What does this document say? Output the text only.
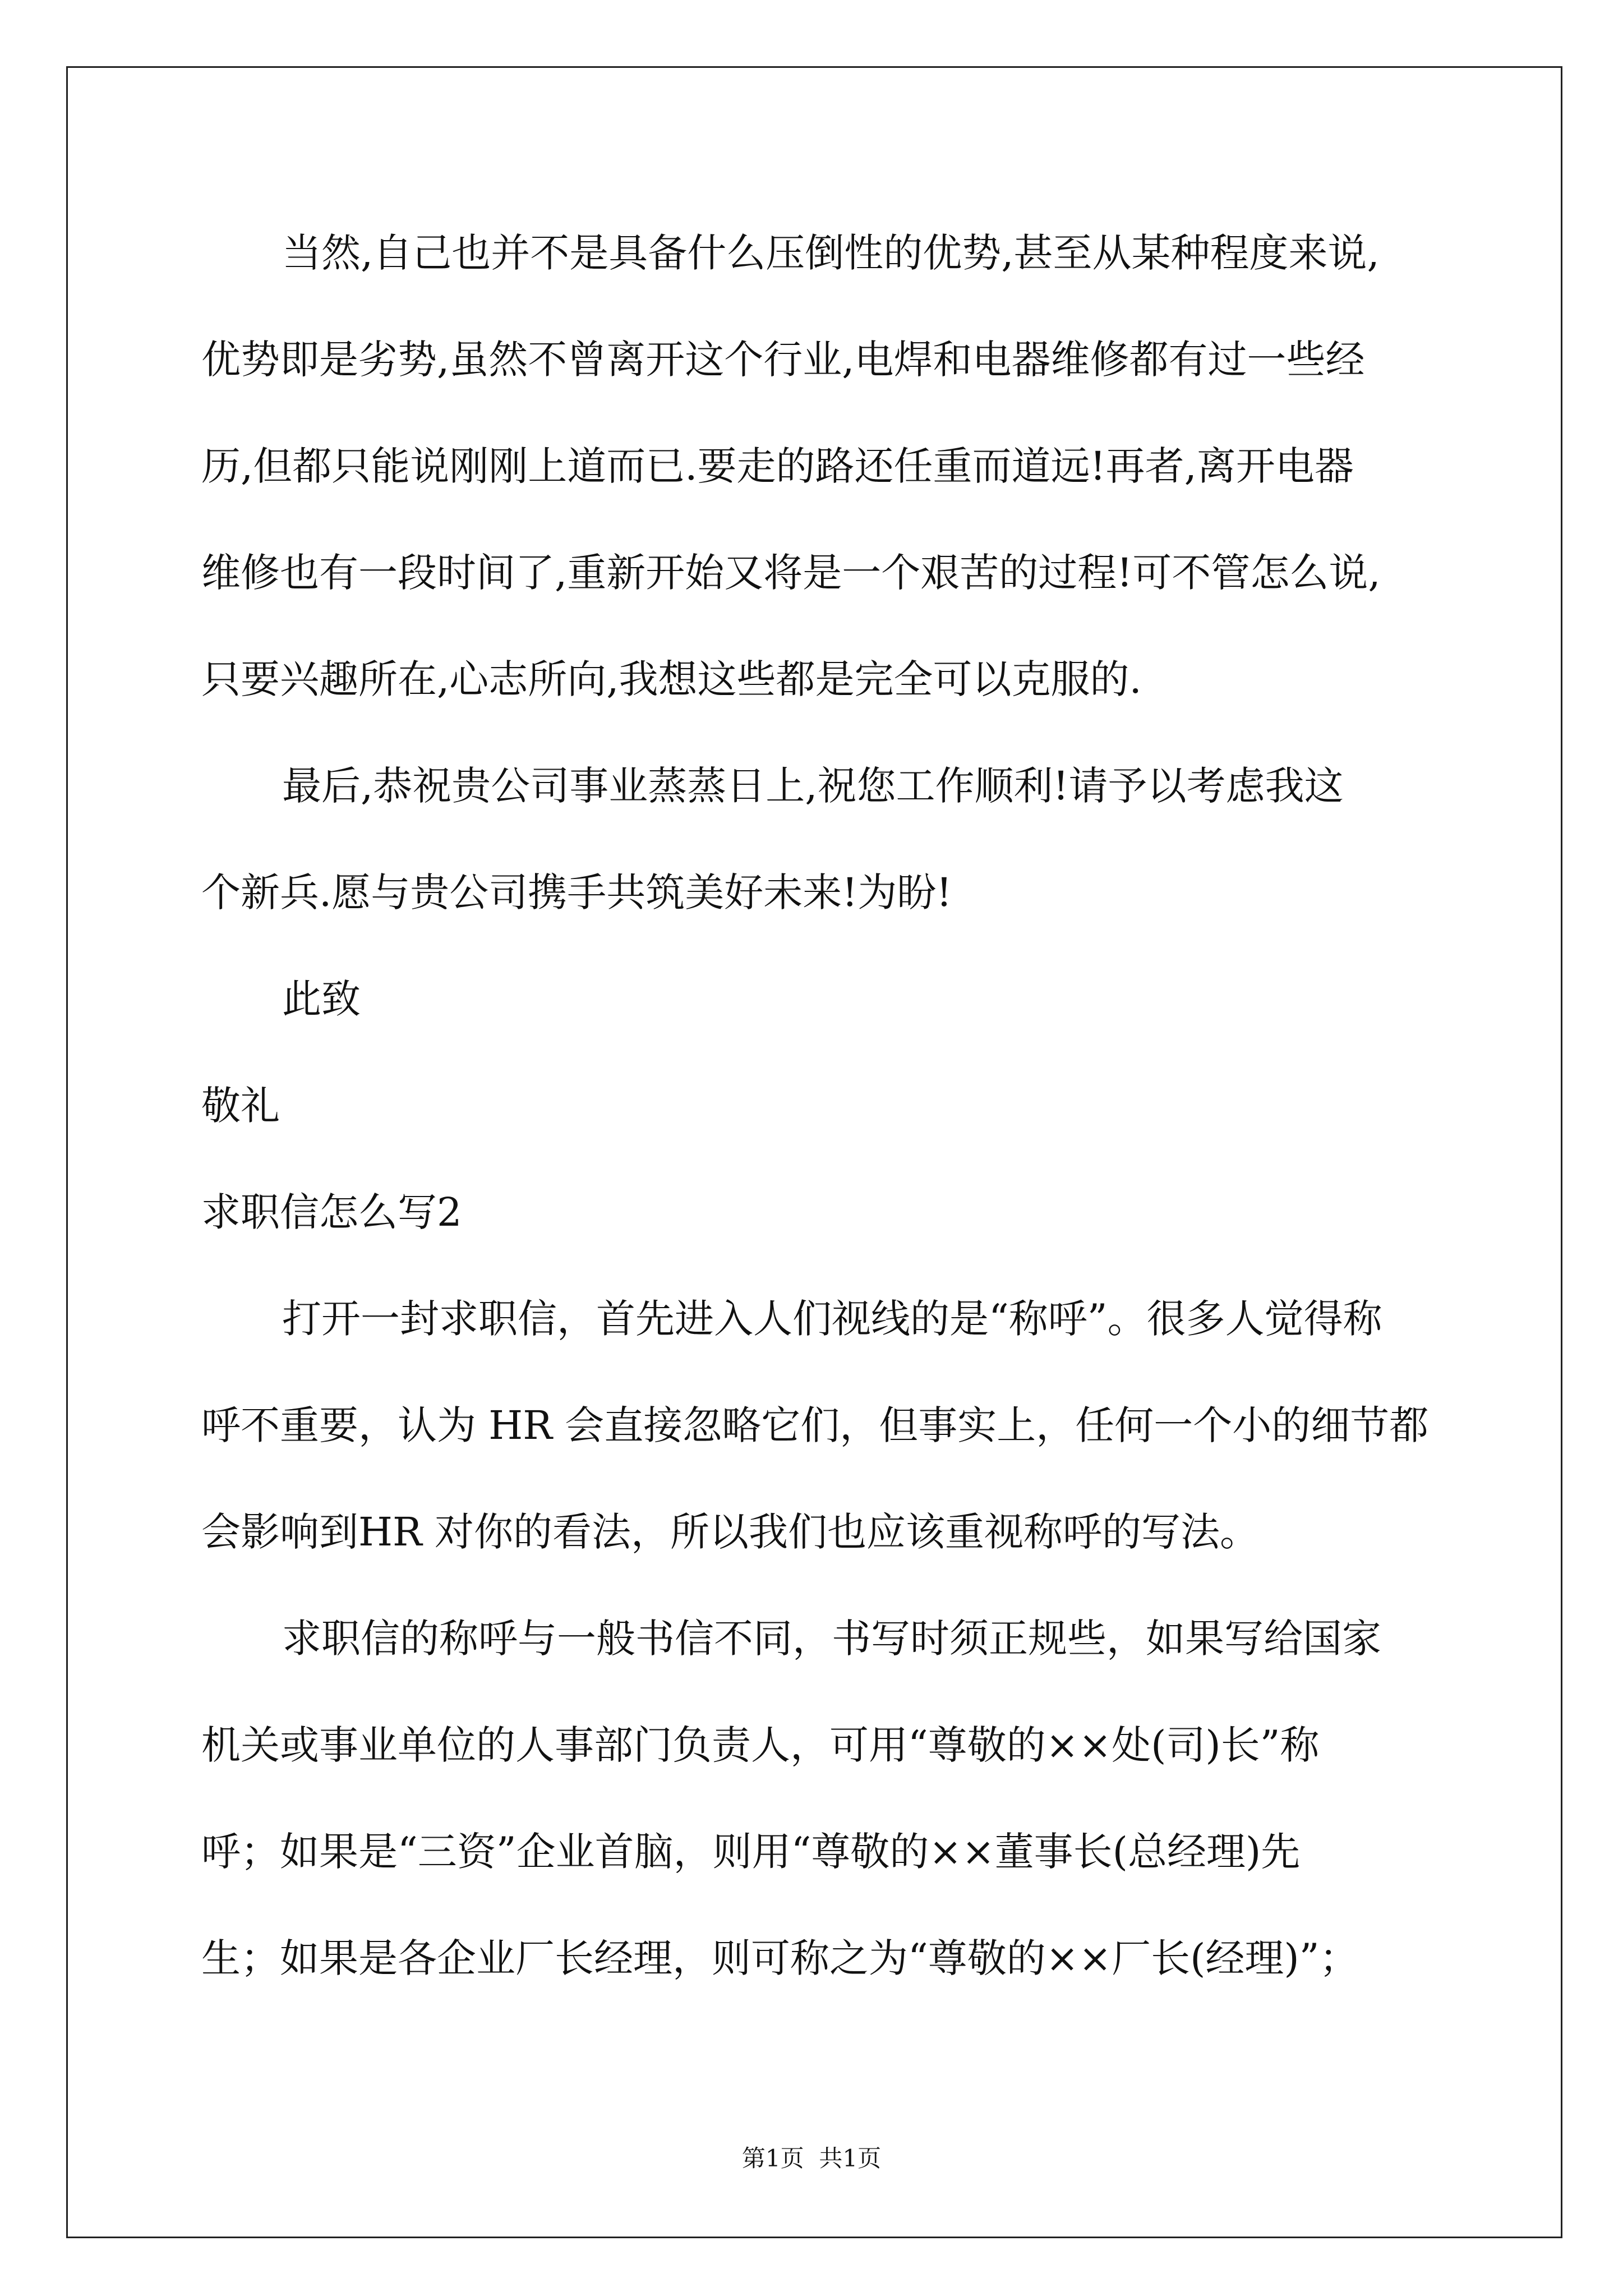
当然,自己也并不是具备什么压倒性的优势,甚至从某种程度来说,
优势即是劣势,虽然不曾离开这个行业,电焊和电器维修都有过一些经
历,但都只能说刚刚上道而已.要走的路还任重而道远!再者,离开电器
维修也有一段时间了,重新开始又将是一个艰苦的过程!可不管怎么说,
只要兴趣所在,心志所向,我想这些都是完全可以克服的.
最后,恭祝贵公司事业蒸蒸日上,祝您工作顺利!请予以考虑我这
个新兵.愿与贵公司携手共筑美好未来!为盼!
此致
敬礼
求职信怎么写2
打开一封求职信，首先进入人们视线的是“称呼”。很多人觉得称
呼不重要，认为 HR 会直接忽略它们，但事实上，任何一个小的细节都
会影响到HR 对你的看法，所以我们也应该重视称呼的写法。
求职信的称呼与一般书信不同，书写时须正规些，如果写给国家
机关或事业单位的人事部门负责人，可用“尊敬的××处(司)长”称
呼；如果是“三资”企业首脑，则用“尊敬的××董事长(总经理)先
生；如果是各企业厂长经理，则可称之为“尊敬的××厂长(经理)”；
第1页  共1页
